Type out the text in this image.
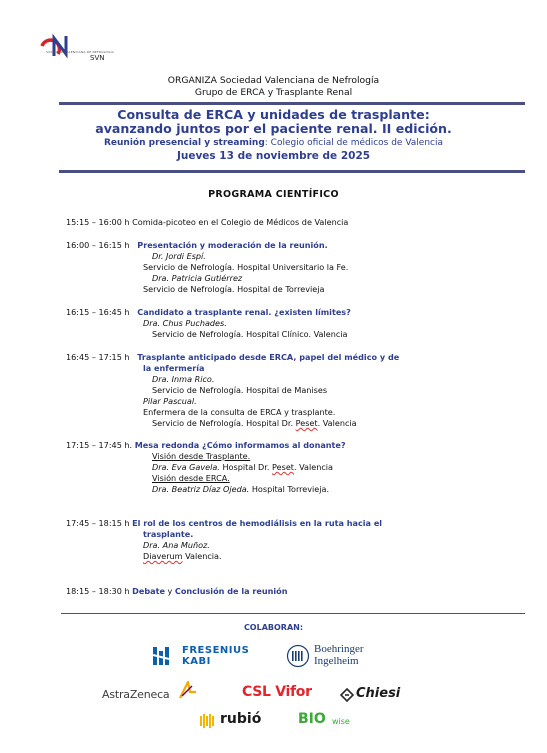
SOCIEDAD VALENCIANA DE NEFROLOGÍA
SVN
ORGANIZA Sociedad Valenciana de Nefrología
Grupo de ERCA y Trasplante Renal
Consulta de ERCA y unidades de trasplante:
avanzando juntos por el paciente renal. II edición.
Reunión presencial y streaming: Colegio oficial de médicos de Valencia
Jueves 13 de noviembre de 2025
PROGRAMA CIENTÍFICO
15:15 – 16:00 h Comida-picoteo en el Colegio de Médicos de Valencia
16:00 – 16:15 h Presentación y moderación de la reunión.
Dr. Jordi Espí.
Servicio de Nefrología. Hospital Universitario la Fe.
Dra. Patricia Gutiérrez
Servicio de Nefrología. Hospital de Torrevieja
16:15 – 16:45 h Candidato a trasplante renal. ¿existen límites?
Dra. Chus Puchades.
Servicio de Nefrología. Hospital Clínico. Valencia
16:45 – 17:15 h Trasplante anticipado desde ERCA, papel del médico y de
la enfermería
Dra. Inma Rico.
Servicio de Nefrología. Hospital de Manises
Pilar Pascual.
Enfermera de la consulta de ERCA y trasplante.
Servicio de Nefrología. Hospital Dr. Peset. Valencia
17:15 – 17:45 h. Mesa redonda ¿Cómo informamos al donante?
Visión desde Trasplante.
Dra. Eva Gavela. Hospital Dr. Peset. Valencia
Visión desde ERCA.
Dra. Beatriz Díaz Ojeda. Hospital Torrevieja.
17:45 – 18:15 h El rol de los centros de hemodiálisis en la ruta hacia el
trasplante.
Dra. Ana Muñoz.
Diaverum Valencia.
18:15 – 18:30 h Debate y Conclusión de la reunión
COLABORAN:
FRESENIUS
KABI
Boehringer
Ingelheim
AstraZeneca	CSL Vifor	Chiesi
rubió	BIO wise
